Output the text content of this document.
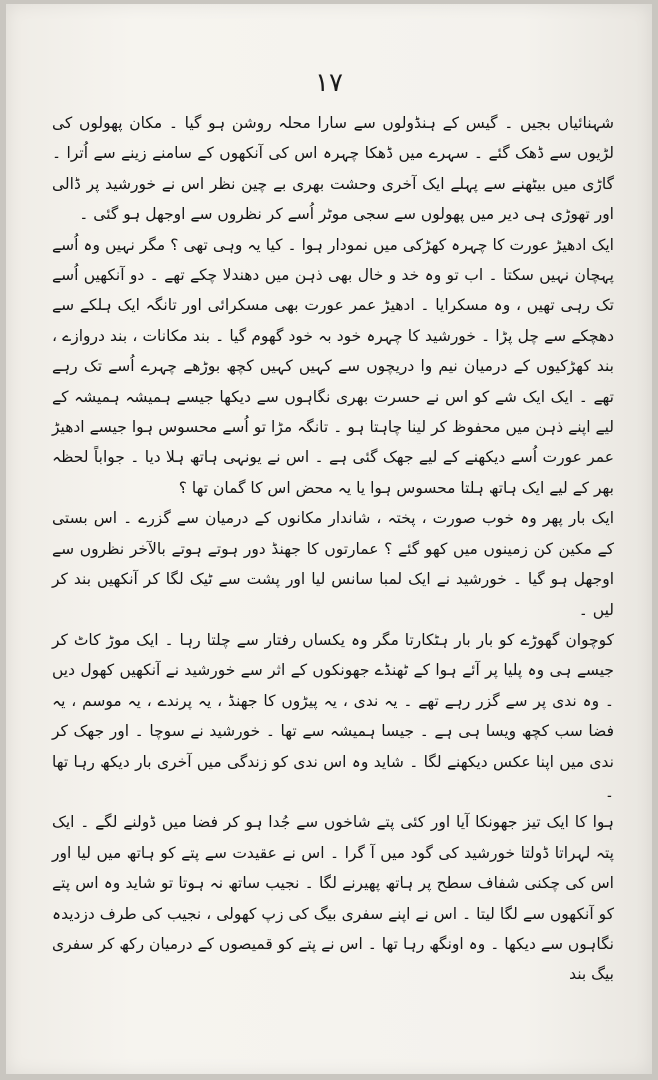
۱۷

شہنائیاں بجیں ۔ گیس کے ہنڈولوں سے سارا محلہ روشن ہو گیا ۔ مکان پھولوں کی لڑیوں سے ڈھک گئے ۔ سہرے میں ڈھکا چہرہ اس کی آنکھوں کے سامنے زینے سے اُترا ۔ گاڑی میں بیٹھنے سے پہلے ایک آخری وحشت بھری بے چین نظر اس نے خورشید پر ڈالی اور تھوڑی ہی دیر میں پھولوں سے سجی موٹر اُسے کر نظروں سے اوجھل ہو گئی ۔

ایک ادھیڑ عورت کا چہرہ کھڑکی میں نمودار ہوا ۔ کیا یہ وہی تھی ؟ مگر نہیں وہ اُسے پہچان نہیں سکتا ۔ اب تو وہ خد و خال بھی ذہن میں دھندلا چکے تھے ۔ دو آنکھیں اُسے تک رہی تھیں ، وہ مسکرایا ۔ ادھیڑ عمر عورت بھی مسکرائی اور تانگہ ایک ہلکے سے دھچکے سے چل پڑا ۔ خورشید کا چہرہ خود بہ خود گھوم گیا ۔ بند مکانات ، بند دروازے ، بند کھڑکیوں کے درمیان نیم وا دریچوں سے کہیں کہیں کچھ بوڑھے چہرے اُسے تک رہے تھے ۔ ایک ایک شے کو اس نے حسرت بھری نگاہوں سے دیکھا جیسے ہمیشہ ہمیشہ کے لیے اپنے ذہن میں محفوظ کر لینا چاہتا ہو ۔ تانگہ مڑا تو اُسے محسوس ہوا جیسے ادھیڑ عمر عورت اُسے دیکھنے کے لیے جھک گئی ہے ۔ اس نے یونہی ہاتھ ہلا دیا ۔ جواباً لحظہ بھر کے لیے ایک ہاتھ ہلتا محسوس ہوا یا یہ محض اس کا گمان تھا ؟

ایک بار پھر وہ خوب صورت ، پختہ ، شاندار مکانوں کے درمیان سے گزرے ۔ اس بستی کے مکین کن زمینوں میں کھو گئے ؟ عمارتوں کا جھنڈ دور ہوتے ہوتے بالآخر نظروں سے اوجھل ہو گیا ۔ خورشید نے ایک لمبا سانس لیا اور پشت سے ٹیک لگا کر آنکھیں بند کر لیں ۔

کوچوان گھوڑے کو بار بار ہٹکارتا مگر وہ یکساں رفتار سے چلتا رہا ۔ ایک موڑ کاٹ کر جیسے ہی وہ پلیا پر آئے ہوا کے ٹھنڈے جھونکوں کے اثر سے خورشید نے آنکھیں کھول دیں ۔ وہ ندی پر سے گزر رہے تھے ۔ یہ ندی ، یہ پیڑوں کا جھنڈ ، یہ پرندے ، یہ موسم ، یہ فضا سب کچھ ویسا ہی ہے ۔ جیسا ہمیشہ سے تھا ۔ خورشید نے سوچا ۔ اور جھک کر ندی میں اپنا عکس دیکھنے لگا ۔ شاید وہ اس ندی کو زندگی میں آخری بار دیکھ رہا تھا ۔

ہوا کا ایک تیز جھونکا آیا اور کئی پتے شاخوں سے جُدا ہو کر فضا میں ڈولنے لگے ۔ ایک پتہ لہراتا ڈولتا خورشید کی گود میں آ گرا ۔ اس نے عقیدت سے پتے کو ہاتھ میں لیا اور اس کی چکنی شفاف سطح پر ہاتھ پھیرنے لگا ۔ نجیب ساتھ نہ ہوتا تو شاید وہ اس پتے کو آنکھوں سے لگا لیتا ۔ اس نے اپنے سفری بیگ کی زپ کھولی ، نجیب کی طرف دزدیدہ نگاہوں سے دیکھا ۔ وہ اونگھ رہا تھا ۔ اس نے پتے کو قمیصوں کے درمیان رکھ کر سفری بیگ بند
